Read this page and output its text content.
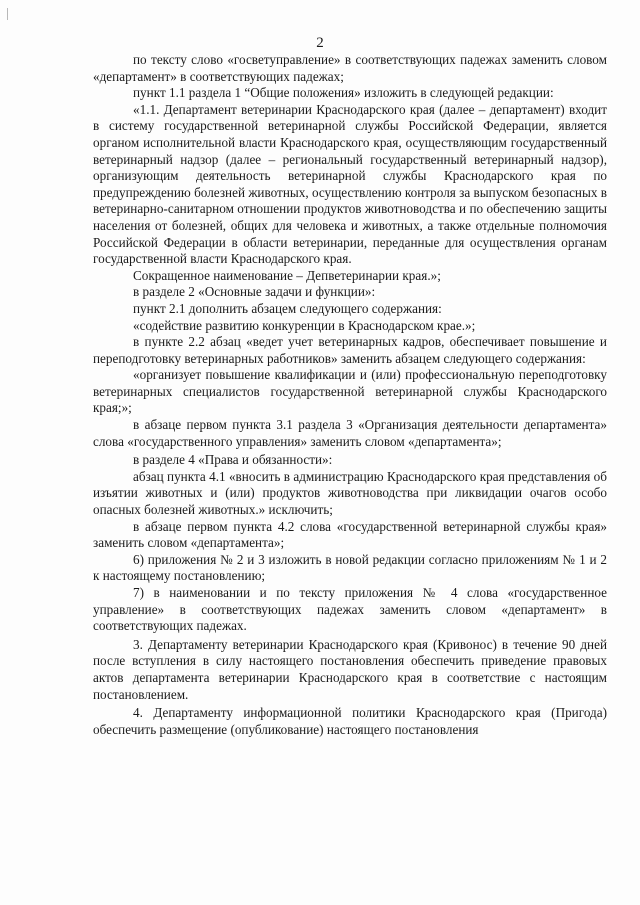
2

по тексту слово «госветуправление» в соответствующих падежах заменить словом «департамент» в соответствующих падежах;

пункт 1.1 раздела 1 “Общие положения» изложить в следующей редакции:

«1.1. Департамент ветеринарии Краснодарского края (далее – департамент) входит в систему государственной ветеринарной службы Российской Федерации, является органом исполнительной власти Краснодарского края, осуществляющим государственный ветеринарный надзор (далее – региональный государственный ветеринарный надзор), организующим деятельность ветеринарной службы Краснодарского края по предупреждению болезней животных, осуществлению контроля за выпуском безопасных в ветеринарно-санитарном отношении продуктов животноводства и по обеспечению защиты населения от болезней, общих для человека и животных, а также отдельные полномочия Российской Федерации в области ветеринарии, переданные для осуществления органам государственной власти Краснодарского края.

Сокращенное наименование – Депветеринарии края.»;

в разделе 2 «Основные задачи и функции»:

пункт 2.1 дополнить абзацем следующего содержания:

«содействие развитию конкуренции в Краснодарском крае.»;

в пункте 2.2 абзац «ведет учет ветеринарных кадров, обеспечивает повышение и переподготовку ветеринарных работников» заменить абзацем следующего содержания:

«организует повышение квалификации и (или) профессиональную переподготовку ветеринарных специалистов государственной ветеринарной службы Краснодарского края;»;

в абзаце первом пункта 3.1 раздела 3 «Организация деятельности департамента» слова «государственного управления» заменить словом «департамента»;

в разделе 4 «Права и обязанности»:

абзац пункта 4.1 «вносить в администрацию Краснодарского края представления об изъятии животных и (или) продуктов животноводства при ликвидации очагов особо опасных болезней животных.» исключить;

в абзаце первом пункта 4.2 слова «государственной ветеринарной службы края» заменить словом «департамента»;

6) приложения № 2 и 3 изложить в новой редакции согласно приложениям № 1 и 2 к настоящему постановлению;

7) в наименовании и по тексту приложения № 4 слова «государственное управление» в соответствующих падежах заменить словом «департамент» в соответствующих падежах.

3. Департаменту ветеринарии Краснодарского края (Кривонос) в течение 90 дней после вступления в силу настоящего постановления обеспечить приведение правовых актов департамента ветеринарии Краснодарского края в соответствие с настоящим постановлением.

4. Департаменту информационной политики Краснодарского края (Пригода) обеспечить размещение (опубликование) настоящего постановления
